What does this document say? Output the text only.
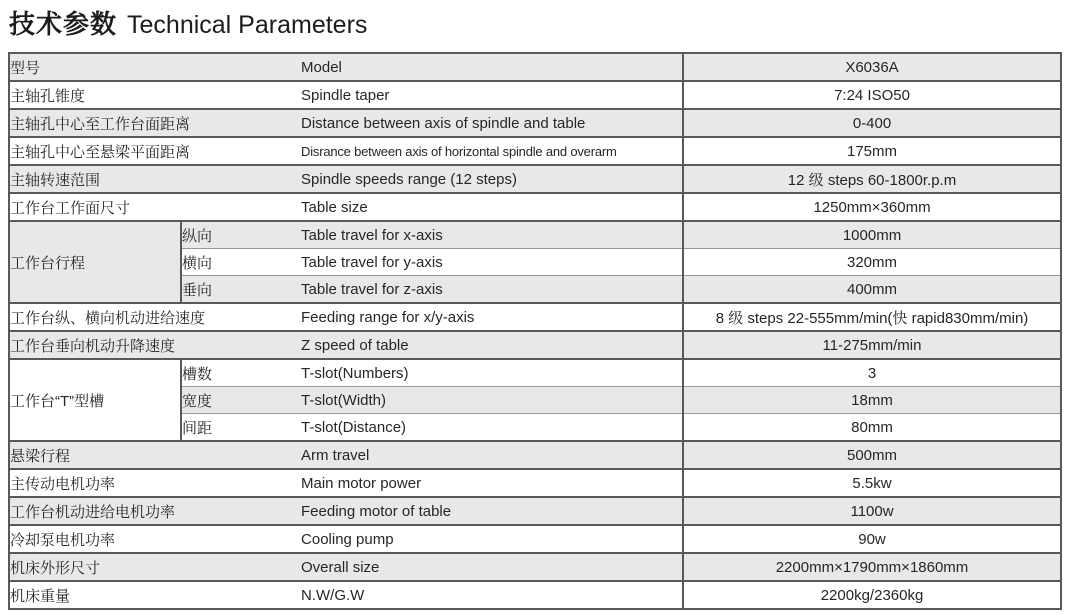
技术参数 Technical Parameters
型号		Model	X6036A
主轴孔锥度		Spindle taper	7:24 ISO50
主轴孔中心至工作台面距离		Distance between axis of spindle and table	0-400
主轴孔中心至悬梁平面距离		Disrance between axis of horizontal spindle and overarm	175mm
主轴转速范围		Spindle speeds range (12 steps)	12 级 steps 60-1800r.p.m
工作台工作面尺寸		Table size	1250mm×360mm
工作台行程	纵向	Table travel for x-axis	1000mm
	横向	Table travel for y-axis	320mm
	垂向	Table travel for z-axis	400mm
工作台纵、横向机动进给速度		Feeding range for x/y-axis	8 级 steps 22-555mm/min(快 rapid830mm/min)
工作台垂向机动升降速度		Z speed of table	11-275mm/min
工作台“T”型槽	槽数	T-slot(Numbers)	3
	宽度	T-slot(Width)	18mm
	间距	T-slot(Distance)	80mm
悬梁行程		Arm travel	500mm
主传动电机功率		Main motor power	5.5kw
工作台机动进给电机功率		Feeding motor of table	1100w
冷却泵电机功率		Cooling pump	90w
机床外形尺寸		Overall size	2200mm×1790mm×1860mm
机床重量		N.W/G.W	2200kg/2360kg
